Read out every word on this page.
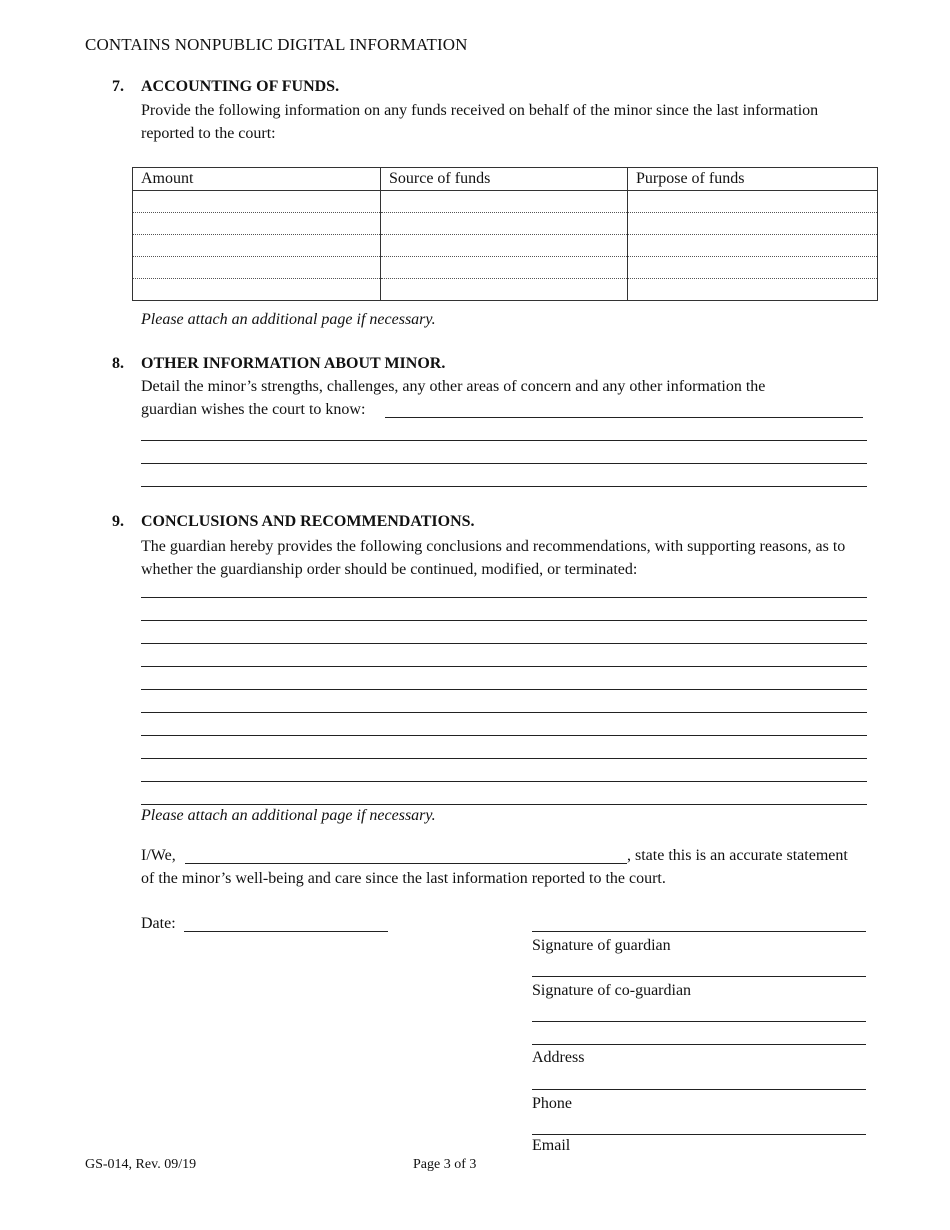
CONTAINS NONPUBLIC DIGITAL INFORMATION
7. ACCOUNTING OF FUNDS.
Provide the following information on any funds received on behalf of the minor since the last information reported to the court:
Amount	Source of funds	Purpose of funds

Please attach an additional page if necessary.
8. OTHER INFORMATION ABOUT MINOR.
Detail the minor’s strengths, challenges, any other areas of concern and any other information the
guardian wishes the court to know:
9. CONCLUSIONS AND RECOMMENDATIONS.
The guardian hereby provides the following conclusions and recommendations, with supporting reasons, as to whether the guardianship order should be continued, modified, or terminated:
Please attach an additional page if necessary.
I/We,	, state this is an accurate statement
of the minor’s well-being and care since the last information reported to the court.
Date:
Signature of guardian
Signature of co-guardian
Address
Phone
Email
GS-014, Rev. 09/19	Page 3 of 3
